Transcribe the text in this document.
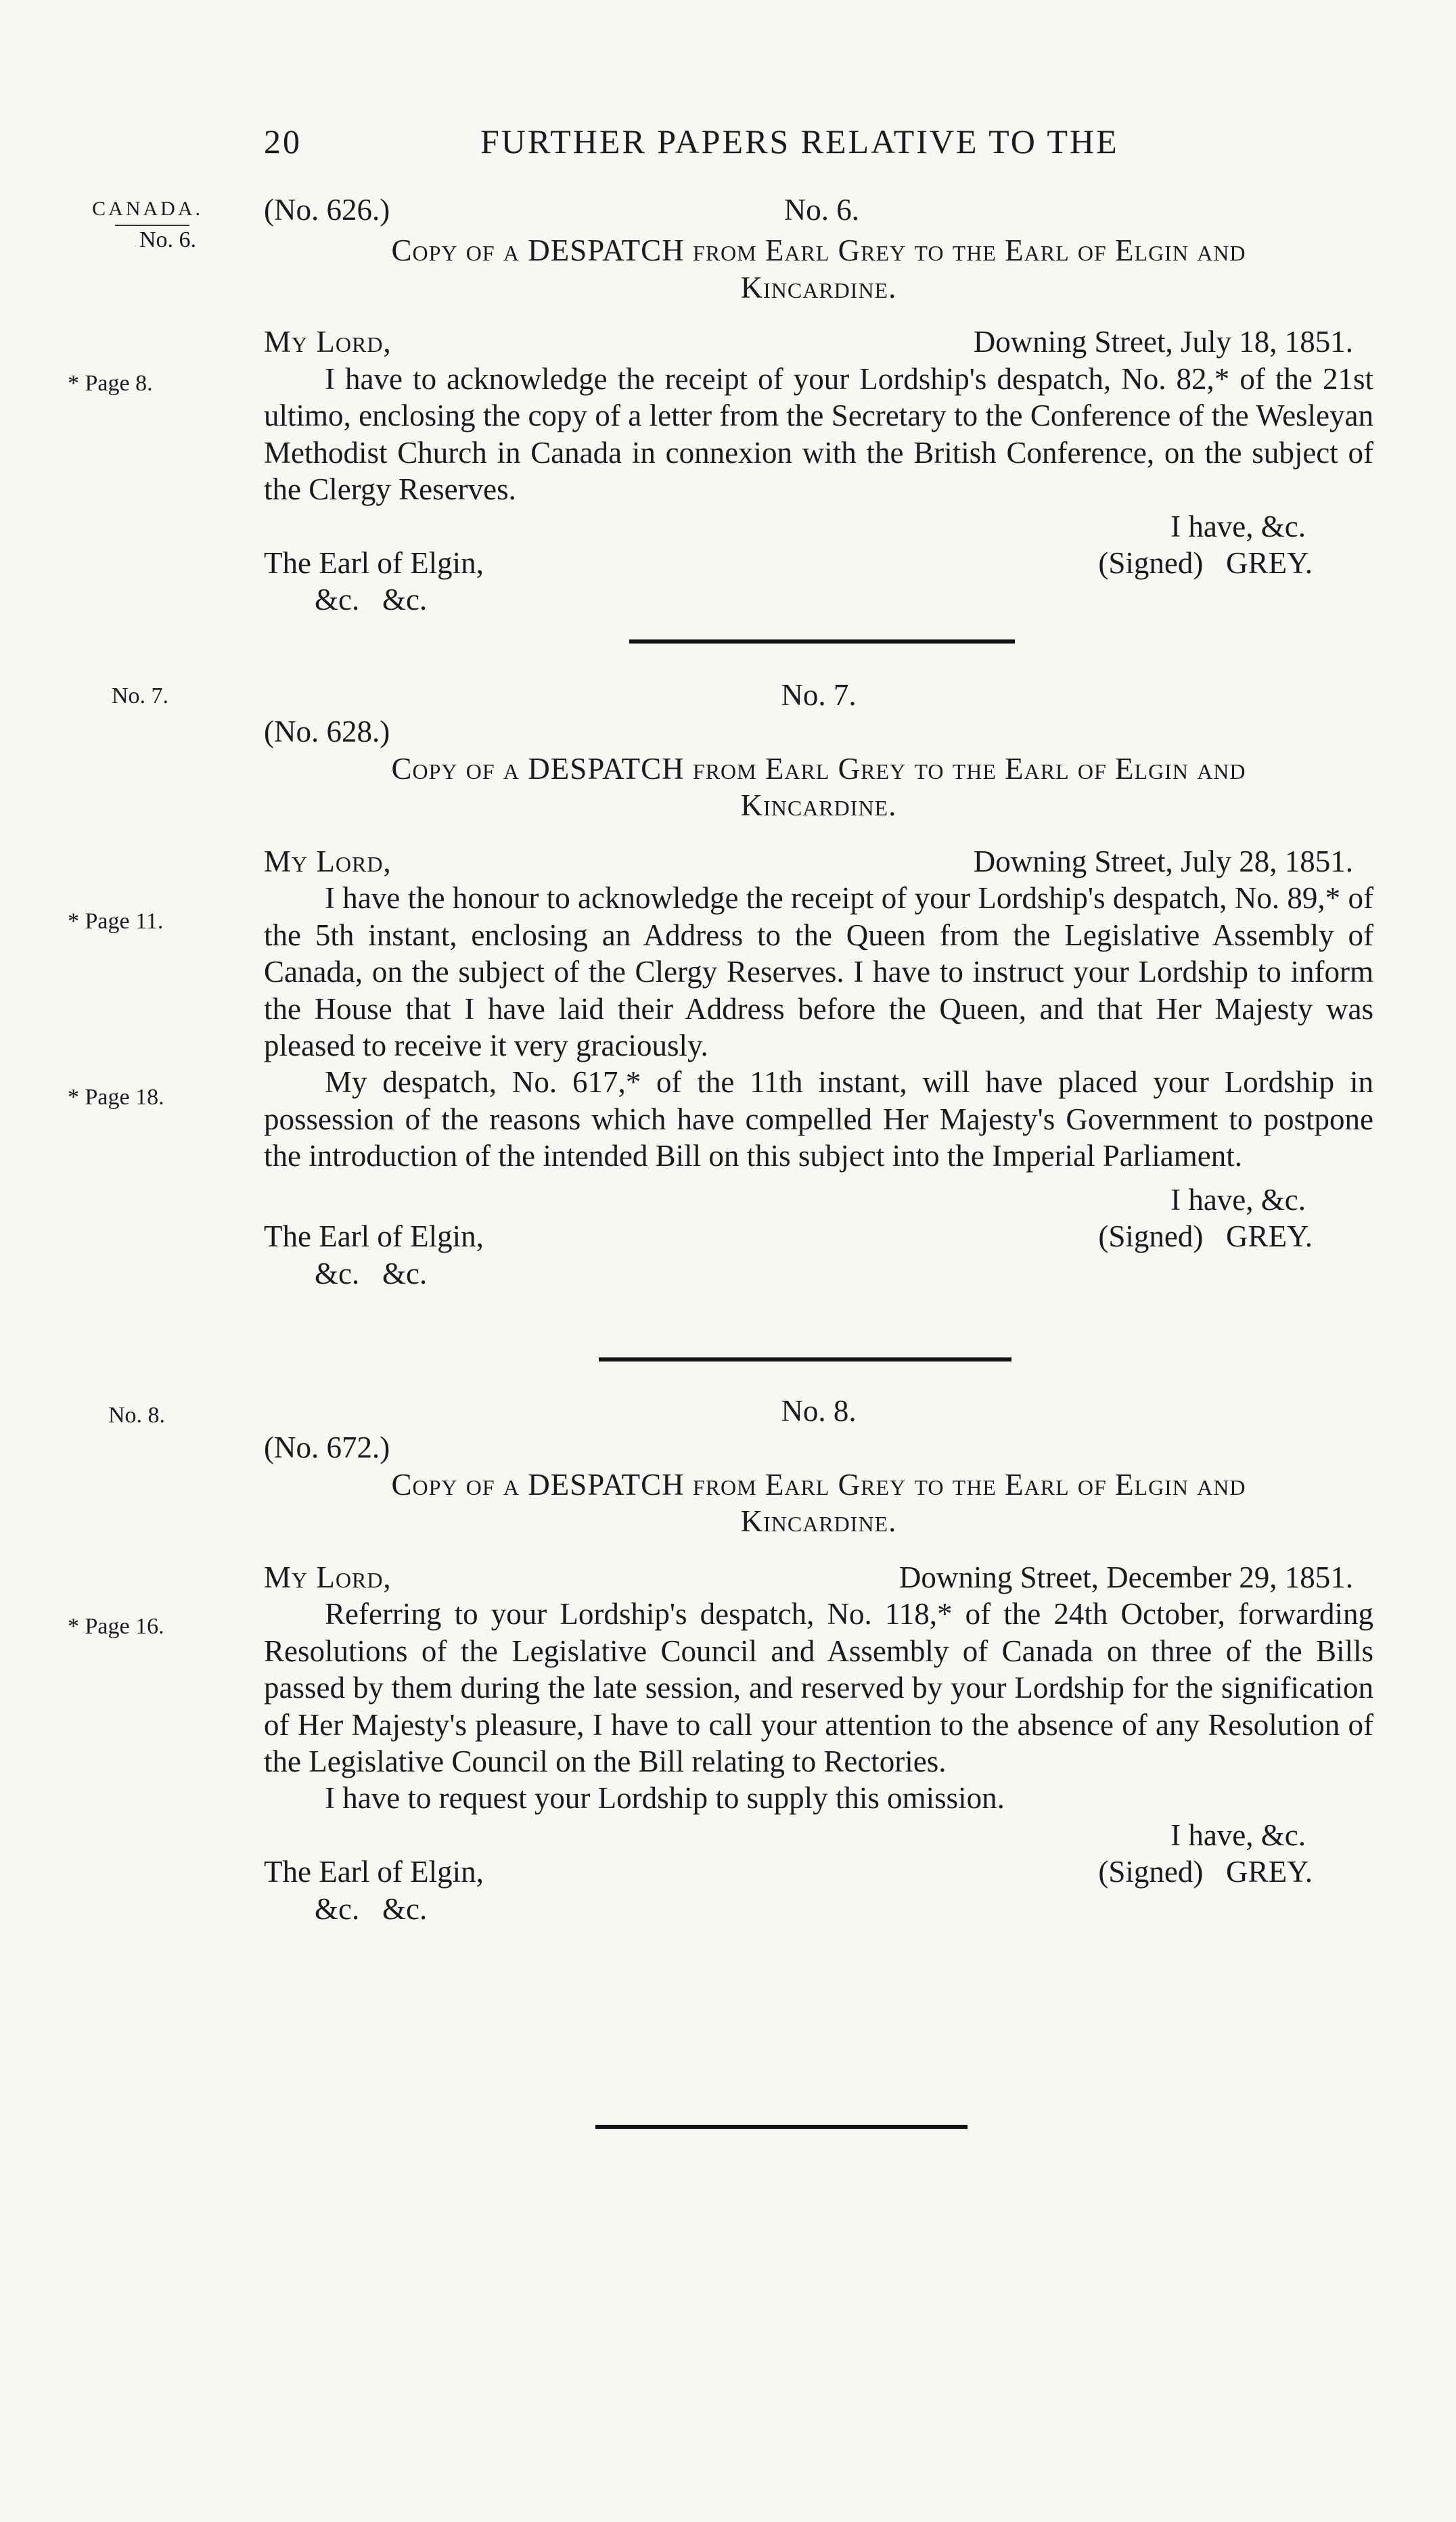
20	FURTHER PAPERS RELATIVE TO THE
CANADA.
No. 6.
* Page 8.
No. 7.
* Page 11.
* Page 18.
No. 8.
* Page 16.
(No. 626.)	No. 6.
Copy of a DESPATCH from Earl Grey to the Earl of Elgin and
Kincardine.
My Lord,	Downing Street, July 18, 1851.

I have to acknowledge the receipt of your Lordship's despatch, No. 82,* of the 21st ultimo, enclosing the copy of a letter from the Secretary to the Conference of the Wesleyan Methodist Church in Canada in connexion with the British Conference, on the subject of the Clergy Reserves.

I have, &c.
The Earl of Elgin,	(Signed)   GREY.
&c.   &c.
No. 7.
(No. 628.)
Copy of a DESPATCH from Earl Grey to the Earl of Elgin and
Kincardine.
My Lord,	Downing Street, July 28, 1851.

I have the honour to acknowledge the receipt of your Lordship's despatch, No. 89,* of the 5th instant, enclosing an Address to the Queen from the Legislative Assembly of Canada, on the subject of the Clergy Reserves. I have to instruct your Lordship to inform the House that I have laid their Address before the Queen, and that Her Majesty was pleased to receive it very graciously.

My despatch, No. 617,* of the 11th instant, will have placed your Lordship in possession of the reasons which have compelled Her Majesty's Government to postpone the introduction of the intended Bill on this subject into the Imperial Parliament.

I have, &c.
The Earl of Elgin,	(Signed)   GREY.
&c.   &c.
No. 8.
(No. 672.)
Copy of a DESPATCH from Earl Grey to the Earl of Elgin and
Kincardine.
My Lord,	Downing Street, December 29, 1851.

Referring to your Lordship's despatch, No. 118,* of the 24th October, forwarding Resolutions of the Legislative Council and Assembly of Canada on three of the Bills passed by them during the late session, and reserved by your Lordship for the signification of Her Majesty's pleasure, I have to call your attention to the absence of any Resolution of the Legislative Council on the Bill relating to Rectories.

I have to request your Lordship to supply this omission.

I have, &c.
The Earl of Elgin,	(Signed)   GREY.
&c.   &c.
